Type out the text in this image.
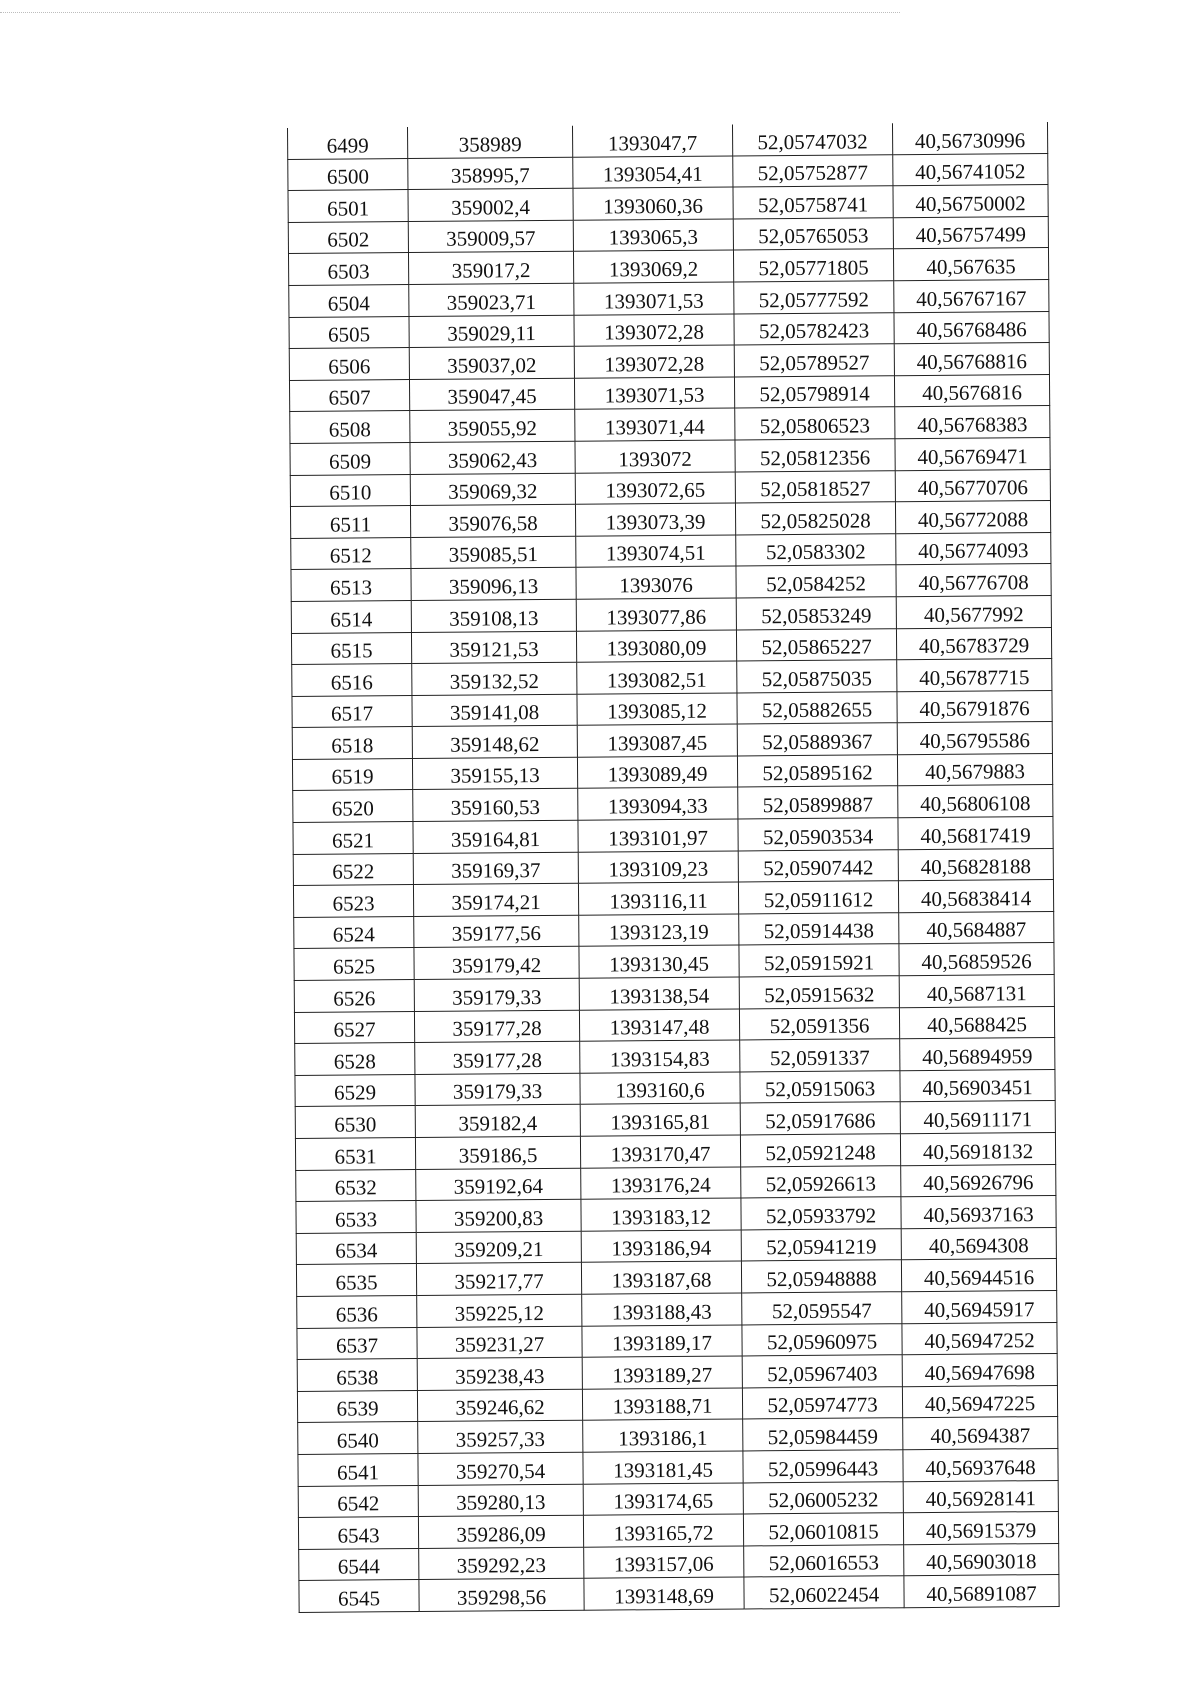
6499	358989	1393047,7	52,05747032	40,56730996
6500	358995,7	1393054,41	52,05752877	40,56741052
6501	359002,4	1393060,36	52,05758741	40,56750002
6502	359009,57	1393065,3	52,05765053	40,56757499
6503	359017,2	1393069,2	52,05771805	40,567635
6504	359023,71	1393071,53	52,05777592	40,56767167
6505	359029,11	1393072,28	52,05782423	40,56768486
6506	359037,02	1393072,28	52,05789527	40,56768816
6507	359047,45	1393071,53	52,05798914	40,5676816
6508	359055,92	1393071,44	52,05806523	40,56768383
6509	359062,43	1393072	52,05812356	40,56769471
6510	359069,32	1393072,65	52,05818527	40,56770706
6511	359076,58	1393073,39	52,05825028	40,56772088
6512	359085,51	1393074,51	52,0583302	40,56774093
6513	359096,13	1393076	52,0584252	40,56776708
6514	359108,13	1393077,86	52,05853249	40,5677992
6515	359121,53	1393080,09	52,05865227	40,56783729
6516	359132,52	1393082,51	52,05875035	40,56787715
6517	359141,08	1393085,12	52,05882655	40,56791876
6518	359148,62	1393087,45	52,05889367	40,56795586
6519	359155,13	1393089,49	52,05895162	40,5679883
6520	359160,53	1393094,33	52,05899887	40,56806108
6521	359164,81	1393101,97	52,05903534	40,56817419
6522	359169,37	1393109,23	52,05907442	40,56828188
6523	359174,21	1393116,11	52,05911612	40,56838414
6524	359177,56	1393123,19	52,05914438	40,5684887
6525	359179,42	1393130,45	52,05915921	40,56859526
6526	359179,33	1393138,54	52,05915632	40,5687131
6527	359177,28	1393147,48	52,0591356	40,5688425
6528	359177,28	1393154,83	52,0591337	40,56894959
6529	359179,33	1393160,6	52,05915063	40,56903451
6530	359182,4	1393165,81	52,05917686	40,56911171
6531	359186,5	1393170,47	52,05921248	40,56918132
6532	359192,64	1393176,24	52,05926613	40,56926796
6533	359200,83	1393183,12	52,05933792	40,56937163
6534	359209,21	1393186,94	52,05941219	40,5694308
6535	359217,77	1393187,68	52,05948888	40,56944516
6536	359225,12	1393188,43	52,0595547	40,56945917
6537	359231,27	1393189,17	52,05960975	40,56947252
6538	359238,43	1393189,27	52,05967403	40,56947698
6539	359246,62	1393188,71	52,05974773	40,56947225
6540	359257,33	1393186,1	52,05984459	40,5694387
6541	359270,54	1393181,45	52,05996443	40,56937648
6542	359280,13	1393174,65	52,06005232	40,56928141
6543	359286,09	1393165,72	52,06010815	40,56915379
6544	359292,23	1393157,06	52,06016553	40,56903018
6545	359298,56	1393148,69	52,06022454	40,56891087
